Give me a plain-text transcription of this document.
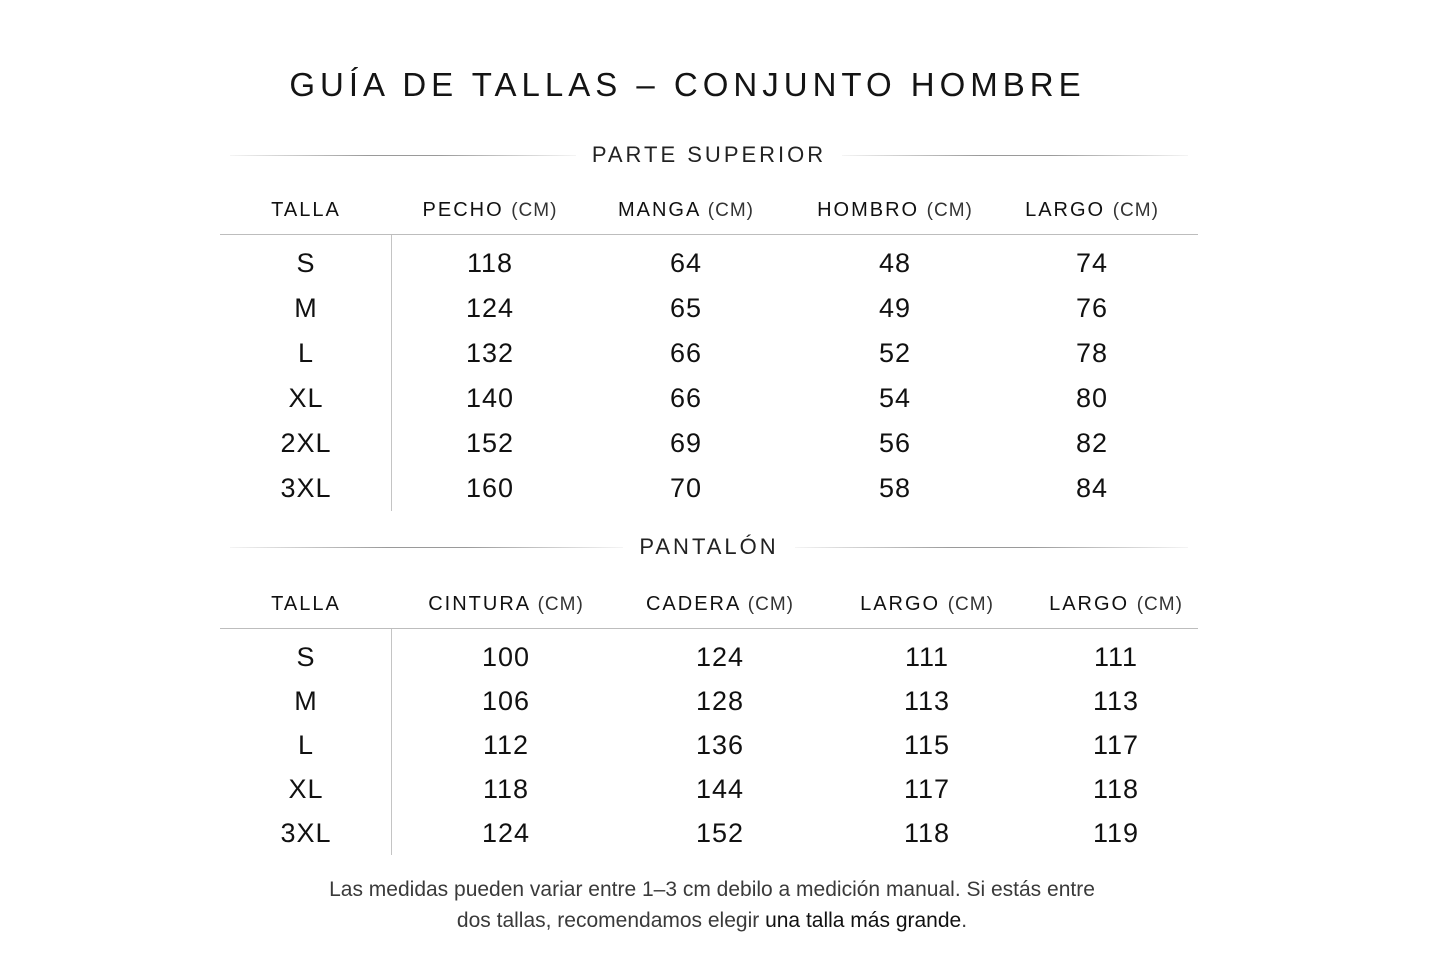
GUÍA DE TALLAS – CONJUNTO HOMBRE
PARTE SUPERIOR
TALLA	PECHO (CM)	MANGA (CM)	HOMBRO (CM)	LARGO (CM)
S	118	64	48	74
M	124	65	49	76
L	132	66	52	78
XL	140	66	54	80
2XL	152	69	56	82
3XL	160	70	58	84
PANTALÓN
TALLA	CINTURA (CM)	CADERA (CM)	LARGO (CM)	LARGO (CM)
S	100	124	111	111
M	106	128	113	113
L	112	136	115	117
XL	118	144	117	118
3XL	124	152	118	119
Las medidas pueden variar entre 1–3 cm debilo a medición manual. Si estás entre
dos tallas, recomendamos elegir una talla más grande.
